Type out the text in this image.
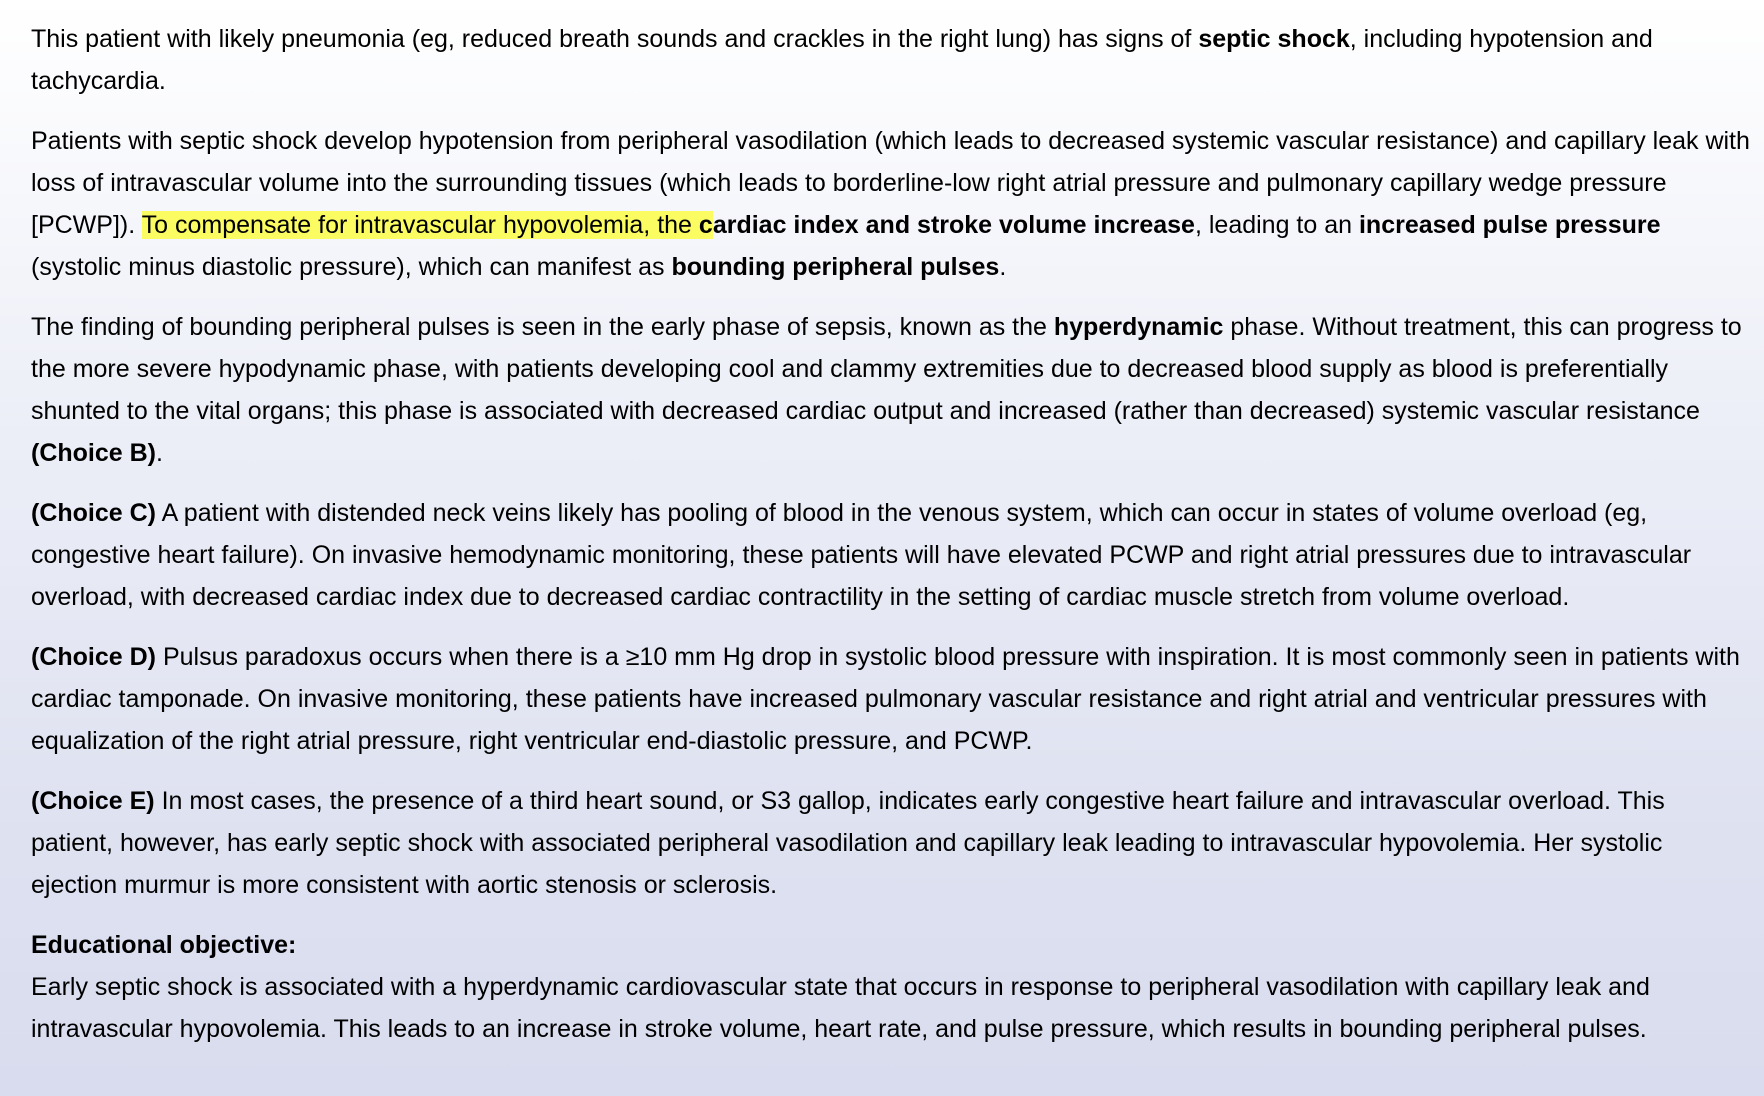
This patient with likely pneumonia (eg, reduced breath sounds and crackles in the right lung) has signs of septic shock, including hypotension and tachycardia.

Patients with septic shock develop hypotension from peripheral vasodilation (which leads to decreased systemic vascular resistance) and capillary leak with loss of intravascular volume into the surrounding tissues (which leads to borderline-low right atrial pressure and pulmonary capillary wedge pressure [PCWP]). To compensate for intravascular hypovolemia, the cardiac index and stroke volume increase, leading to an increased pulse pressure (systolic minus diastolic pressure), which can manifest as bounding peripheral pulses.

The finding of bounding peripheral pulses is seen in the early phase of sepsis, known as the hyperdynamic phase. Without treatment, this can progress to the more severe hypodynamic phase, with patients developing cool and clammy extremities due to decreased blood supply as blood is preferentially shunted to the vital organs; this phase is associated with decreased cardiac output and increased (rather than decreased) systemic vascular resistance (Choice B).

(Choice C) A patient with distended neck veins likely has pooling of blood in the venous system, which can occur in states of volume overload (eg, congestive heart failure). On invasive hemodynamic monitoring, these patients will have elevated PCWP and right atrial pressures due to intravascular overload, with decreased cardiac index due to decreased cardiac contractility in the setting of cardiac muscle stretch from volume overload.

(Choice D) Pulsus paradoxus occurs when there is a ≥10 mm Hg drop in systolic blood pressure with inspiration. It is most commonly seen in patients with cardiac tamponade. On invasive monitoring, these patients have increased pulmonary vascular resistance and right atrial and ventricular pressures with equalization of the right atrial pressure, right ventricular end-diastolic pressure, and PCWP.

(Choice E) In most cases, the presence of a third heart sound, or S3 gallop, indicates early congestive heart failure and intravascular overload. This patient, however, has early septic shock with associated peripheral vasodilation and capillary leak leading to intravascular hypovolemia. Her systolic ejection murmur is more consistent with aortic stenosis or sclerosis.

Educational objective:

Early septic shock is associated with a hyperdynamic cardiovascular state that occurs in response to peripheral vasodilation with capillary leak and intravascular hypovolemia. This leads to an increase in stroke volume, heart rate, and pulse pressure, which results in bounding peripheral pulses.
